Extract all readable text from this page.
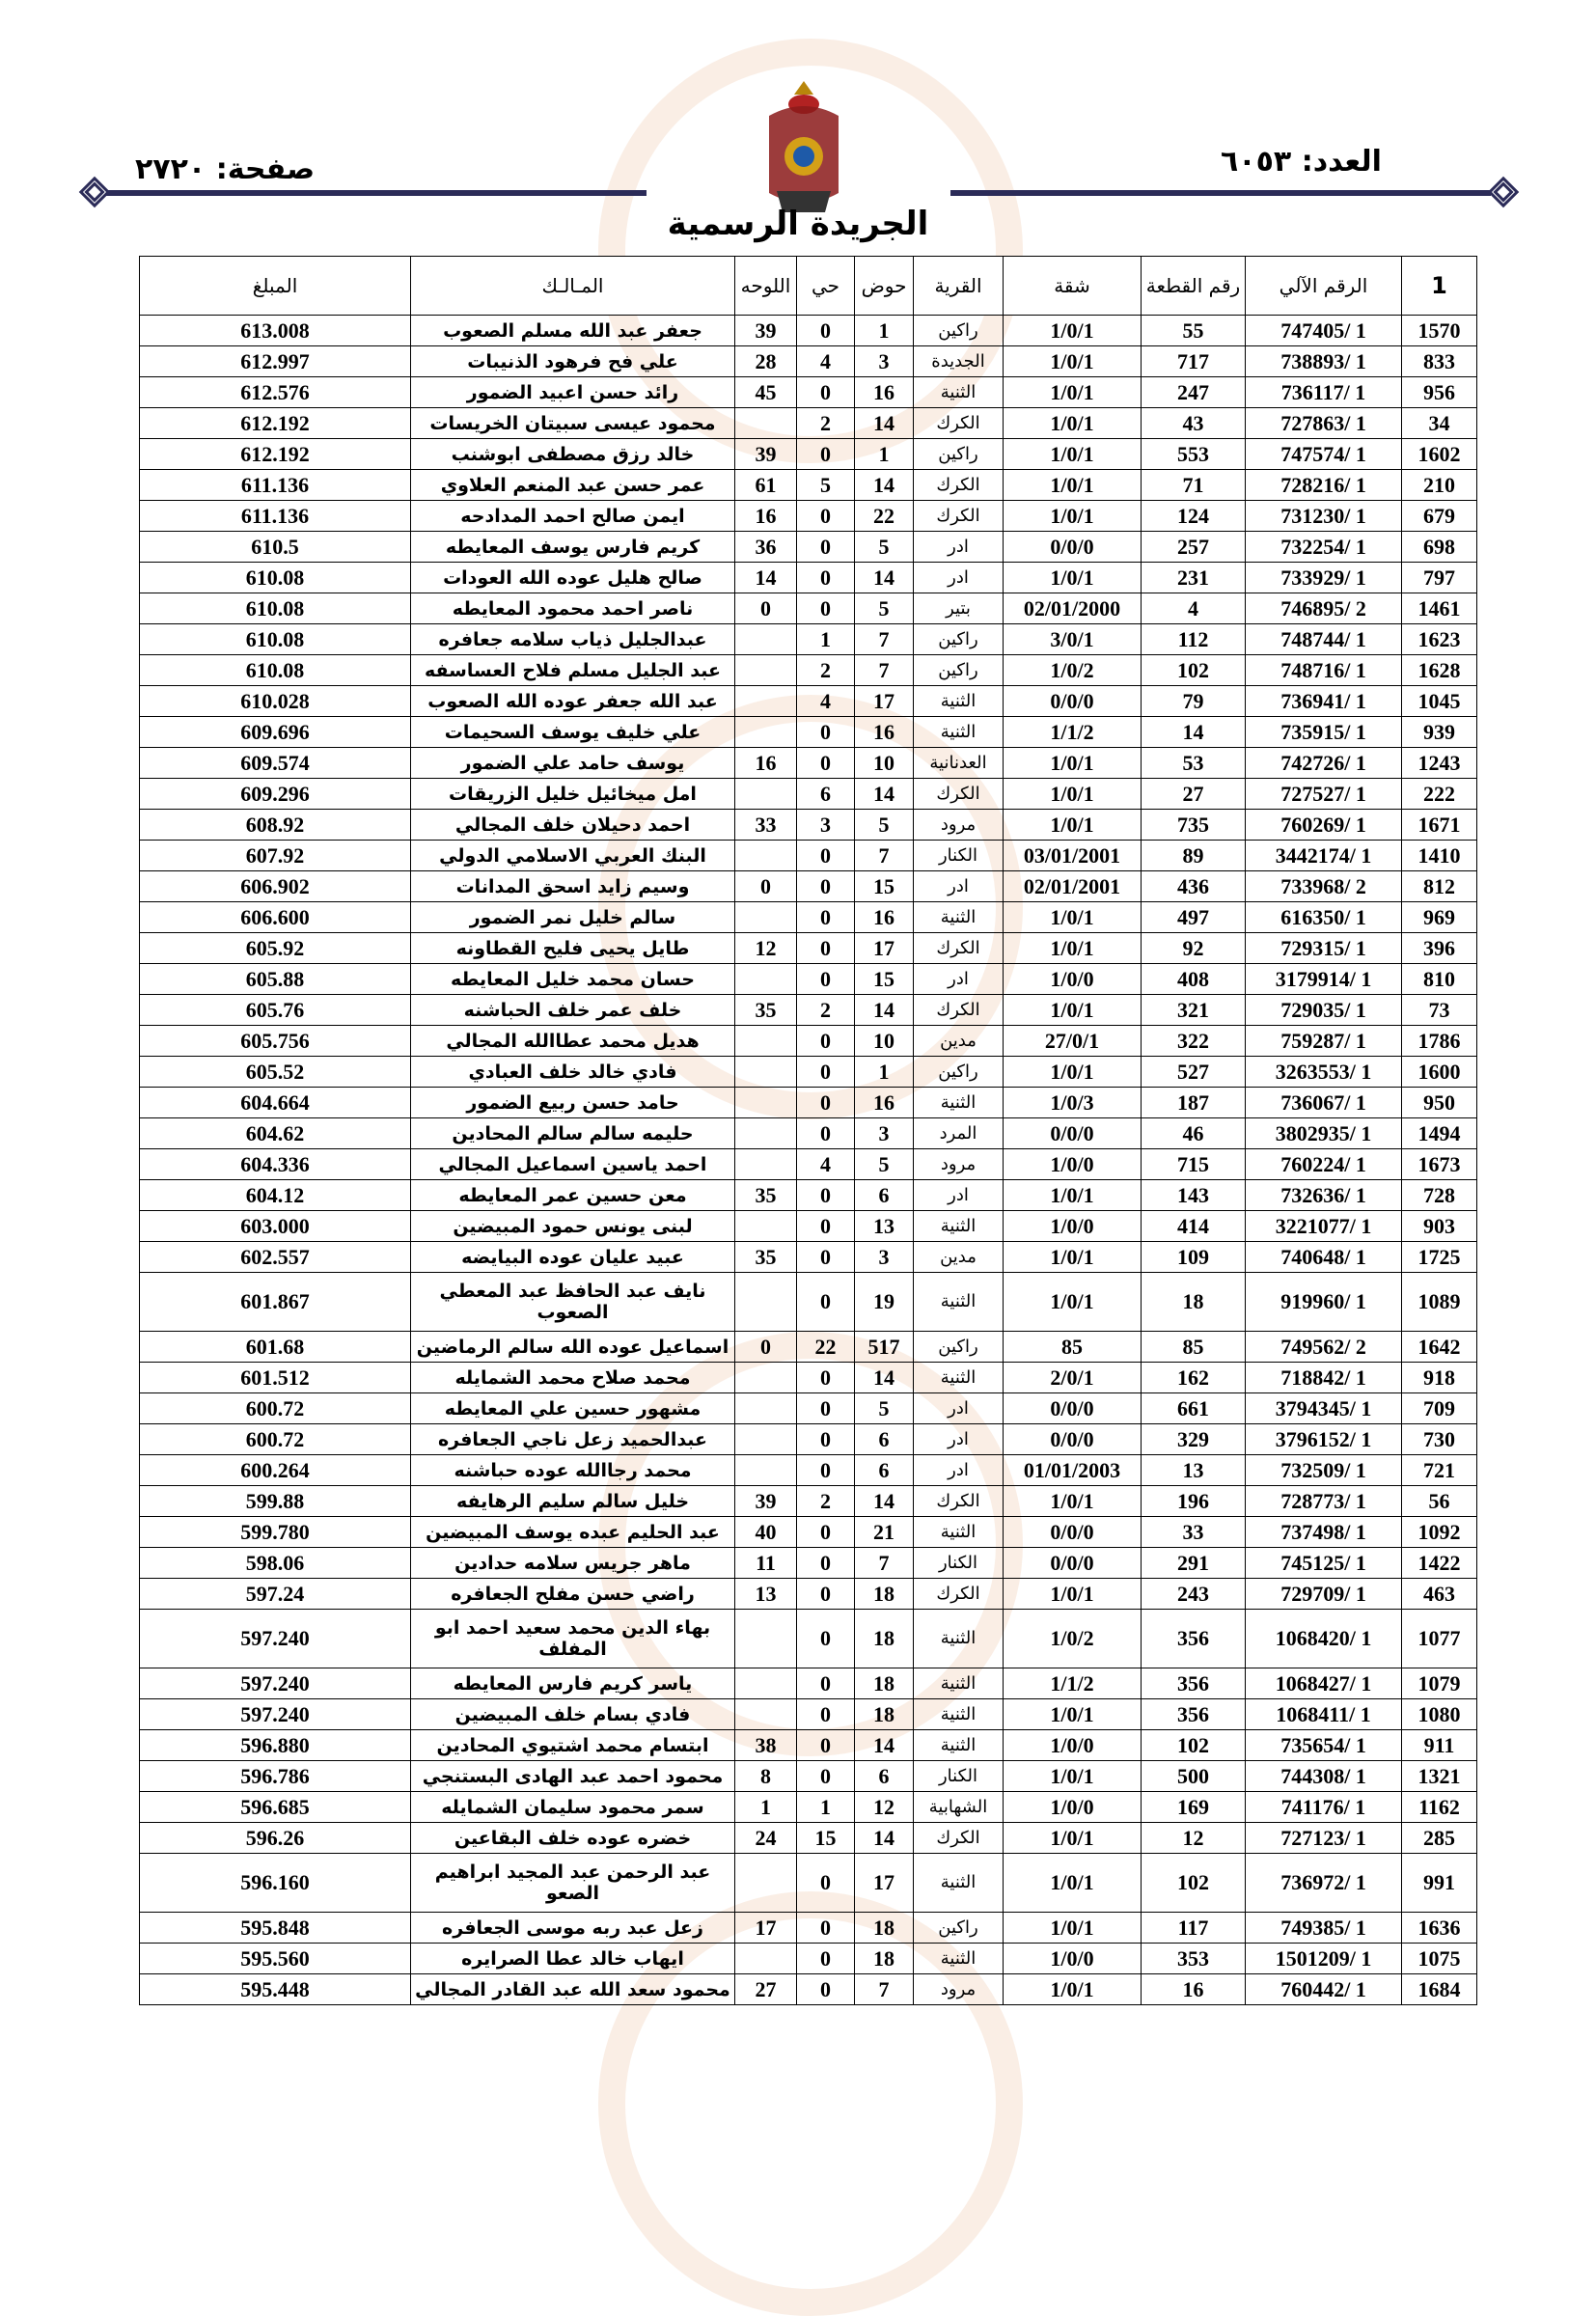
العدد: ٦٠٥٣
صفحة: ٢٧٢٠
الجريدة الرسمية
1	الرقم الآلي	رقم القطعة	شقة	القرية	حوض	حي	اللوحه	المـالـك	المبلغ
1570	1 /747405	55	1/0/1	راكين	1	0	39	جعفر عبد الله مسلم الصعوب	613.008
833	1 /738893	717	1/0/1	الجديدة	3	4	28	علي فح فرهود الذنيبات	612.997
956	1 /736117	247	1/0/1	الثنية	16	0	45	رائد حسن اعبيد الضمور	612.576
34	1 /727863	43	1/0/1	الكرك	14	2		محمود عيسى سبيتان الخريسات	612.192
1602	1 /747574	553	1/0/1	راكين	1	0	39	خالد رزق مصطفى ابوشنب	612.192
210	1 /728216	71	1/0/1	الكرك	14	5	61	عمر حسن عبد المنعم العلاوي	611.136
679	1 /731230	124	1/0/1	الكرك	22	0	16	ايمن صالح احمد المدادحه	611.136
698	1 /732254	257	0/0/0	ادر	5	0	36	كريم فارس يوسف المعايطه	610.5
797	1 /733929	231	1/0/1	ادر	14	0	14	صالح هليل عوده الله العودات	610.08
1461	2 /746895	4	02/01/2000	بتير	5	0	0	ناصر احمد محمود المعايطه	610.08
1623	1 /748744	112	3/0/1	راكين	7	1		عبدالجليل ذياب سلامه جعافره	610.08
1628	1 /748716	102	1/0/2	راكين	7	2		عبد الجليل مسلم فلاح العساسفه	610.08
1045	1 /736941	79	0/0/0	الثنية	17	4		عبد الله جعفر عوده الله الصعوب	610.028
939	1 /735915	14	1/1/2	الثنية	16	0		علي خليف يوسف السحيمات	609.696
1243	1 /742726	53	1/0/1	العدنانية	10	0	16	يوسف حامد علي الضمور	609.574
222	1 /727527	27	1/0/1	الكرك	14	6		امل ميخائيل خليل الزريقات	609.296
1671	1 /760269	735	1/0/1	مرود	5	3	33	احمد دحيلان خلف المجالي	608.92
1410	1 /3442174	89	03/01/2001	الكنار	7	0		البنك العربي الاسلامي الدولي	607.92
812	2 /733968	436	02/01/2001	ادر	15	0	0	وسيم زايد اسحق المدانات	606.902
969	1 /616350	497	1/0/1	الثنية	16	0		سالم خليل نمر الضمور	606.600
396	1 /729315	92	1/0/1	الكرك	17	0	12	طايل يحيى فليح القطاونه	605.92
810	1 /3179914	408	1/0/0	ادر	15	0		حسان محمد خليل المعايطه	605.88
73	1 /729035	321	1/0/1	الكرك	14	2	35	خلف عمر خلف الحباشنه	605.76
1786	1 /759287	322	27/0/1	مدين	10	0		هديل محمد عطاالله المجالي	605.756
1600	1 /3263553	527	1/0/1	راكين	1	0		فادي خالد خلف العبادي	605.52
950	1 /736067	187	1/0/3	الثنية	16	0		حامد حسن ربيع الضمور	604.664
1494	1 /3802935	46	0/0/0	المرد	3	0		حليمه سالم سالم المحادين	604.62
1673	1 /760224	715	1/0/0	مرود	5	4		احمد ياسين اسماعيل المجالي	604.336
728	1 /732636	143	1/0/1	ادر	6	0	35	معن حسين عمر المعايطه	604.12
903	1 /3221077	414	1/0/0	الثنية	13	0		لبنى يونس حمود المبيضين	603.000
1725	1 /740648	109	1/0/1	مدين	3	0	35	عبيد عليان عوده البيايضه	602.557
1089	1 /919960	18	1/0/1	الثنية	19	0		نايف عبد الحافظ عبد المعطي الصعوب	601.867
1642	2 /749562	85	85	راكين	517	22	0	اسماعيل عوده الله سالم الرماضين	601.68
918	1 /718842	162	2/0/1	الثنية	14	0		محمد صلاح محمد الشمايله	601.512
709	1 /3794345	661	0/0/0	ادر	5	0		مشهور حسين علي المعايطه	600.72
730	1 /3796152	329	0/0/0	ادر	6	0		عبدالحميد زعل ناجي الجعافره	600.72
721	1 /732509	13	01/01/2003	ادر	6	0		محمد رجاالله عوده حباشنه	600.264
56	1 /728773	196	1/0/1	الكرك	14	2	39	خليل سالم سليم الرهايفه	599.88
1092	1 /737498	33	0/0/0	الثنية	21	0	40	عبد الحليم عبده يوسف المبيضين	599.780
1422	1 /745125	291	0/0/0	الكنار	7	0	11	ماهر جريس سلامه حدادين	598.06
463	1 /729709	243	1/0/1	الكرك	18	0	13	راضي حسن مفلح الجعافره	597.24
1077	1 /1068420	356	1/0/2	الثنية	18	0		بهاء الدين محمد سعيد احمد ابو المفلف	597.240
1079	1 /1068427	356	1/1/2	الثنية	18	0		ياسر كريم فارس المعايطه	597.240
1080	1 /1068411	356	1/0/1	الثنية	18	0		فادي بسام خلف المبيضين	597.240
911	1 /735654	102	1/0/0	الثنية	14	0	38	ابتسام محمد اشتيوي المحادين	596.880
1321	1 /744308	500	1/0/1	الكنار	6	0	8	محمود احمد عبد الهادى البستنجي	596.786
1162	1 /741176	169	1/0/0	الشهابية	12	1	1	سمر محمود سليمان الشمايله	596.685
285	1 /727123	12	1/0/1	الكرك	14	15	24	خضره عوده خلف البقاعين	596.26
991	1 /736972	102	1/0/1	الثنية	17	0		عبد الرحمن عبد المجيد ابراهيم الصعو	596.160
1636	1 /749385	117	1/0/1	راكين	18	0	17	زعل عبد ربه موسى الجعافره	595.848
1075	1 /1501209	353	1/0/0	الثنية	18	0		ايهاب خالد عطا الصرايره	595.560
1684	1 /760442	16	1/0/1	مرود	7	0	27	محمود سعد الله عبد القادر المجالي	595.448
